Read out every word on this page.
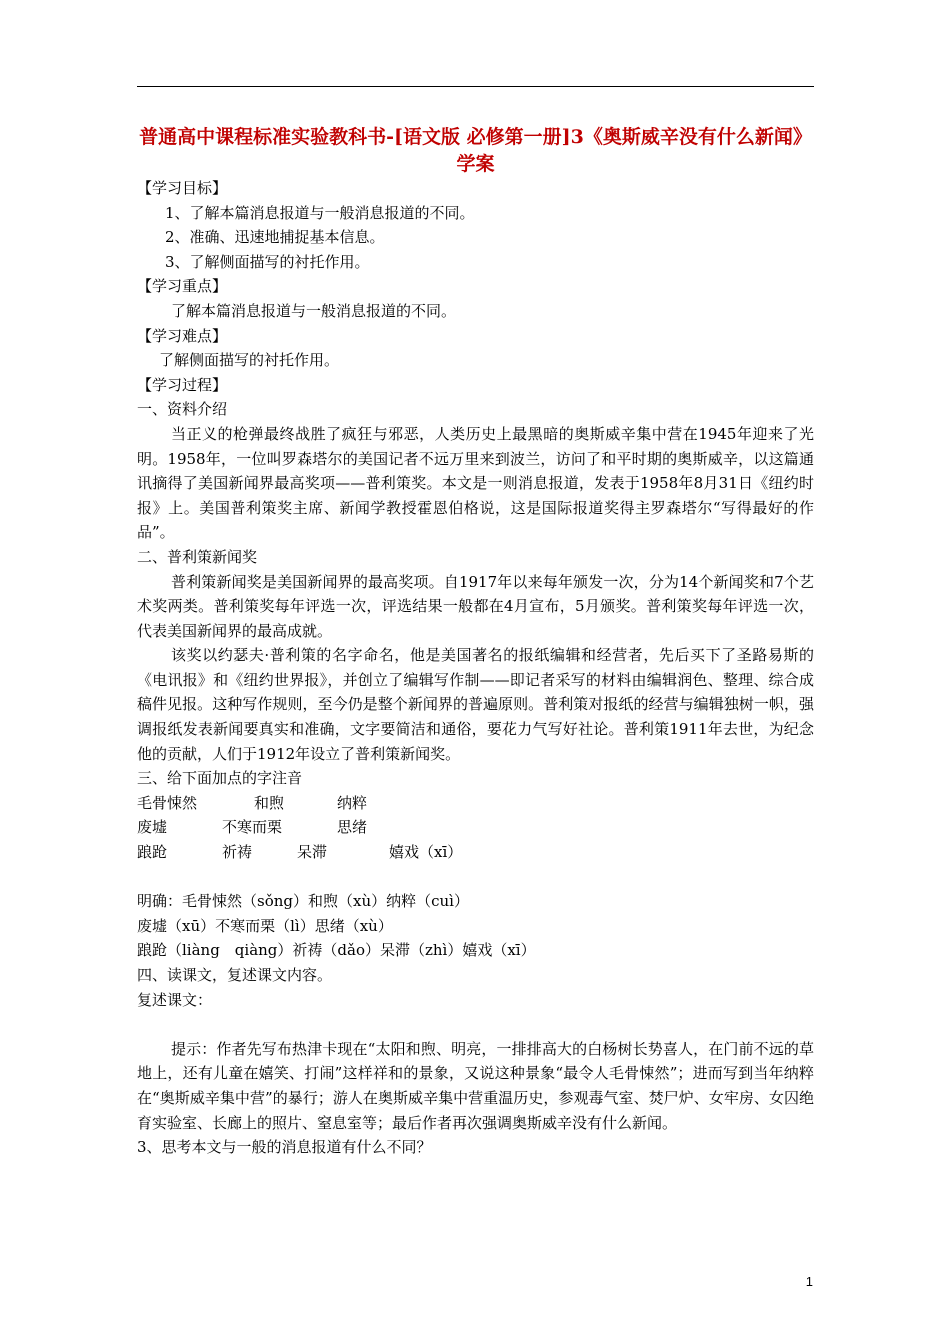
普通高中课程标准实验教科书-[语文版 必修第一册]3《奥斯威辛没有什么新闻》学案
【学习目标】
1、了解本篇消息报道与一般消息报道的不同。
2、准确、迅速地捕捉基本信息。
3、了解侧面描写的衬托作用。
【学习重点】
了解本篇消息报道与一般消息报道的不同。
【学习难点】
了解侧面描写的衬托作用。
【学习过程】
一、资料介绍

当正义的枪弹最终战胜了疯狂与邪恶，人类历史上最黑暗的奥斯威辛集中营在1945年迎来了光明。1958年，一位叫罗森塔尔的美国记者不远万里来到波兰，访问了和平时期的奥斯威辛，以这篇通讯摘得了美国新闻界最高奖项——普利策奖。本文是一则消息报道，发表于1958年8月31日《纽约时报》上。美国普利策奖主席、新闻学教授霍恩伯格说，这是国际报道奖得主罗森塔尔“写得最好的作品”。

二、普利策新闻奖

普利策新闻奖是美国新闻界的最高奖项。自1917年以来每年颁发一次，分为14个新闻奖和7个艺术奖两类。普利策奖每年评选一次，评选结果一般都在4月宣布，5月颁奖。普利策奖每年评选一次，代表美国新闻界的最高成就。

该奖以约瑟夫·普利策的名字命名，他是美国著名的报纸编辑和经营者，先后买下了圣路易斯的《电讯报》和《纽约世界报》，并创立了编辑写作制——即记者采写的材料由编辑润色、整理、综合成稿件见报。这种写作规则，至今仍是整个新闻界的普遍原则。普利策对报纸的经营与编辑独树一帜，强调报纸发表新闻要真实和准确，文字要简洁和通俗，要花力气写好社论。普利策1911年去世，为纪念他的贡献，人们于1912年设立了普利策新闻奖。

三、给下面加点的字注音
毛骨悚然	和煦	纳粹
废墟	不寒而栗	思绪
踉跄	祈祷	呆滞	嬉戏（xī）
明确：毛骨悚然（sǒng）和煦（xù）纳粹（cuì）
废墟（xū）不寒而栗（lì）思绪（xù）
踉跄（liàng　qiàng）祈祷（dǎo）呆滞（zhì）嬉戏（xī）
四、读课文，复述课文内容。
复述课文：

提示：作者先写布热津卡现在“太阳和煦、明亮，一排排高大的白杨树长势喜人，在门前不远的草地上，还有儿童在嬉笑、打闹”这样祥和的景象，又说这种景象“最令人毛骨悚然”；进而写到当年纳粹在“奥斯威辛集中营”的暴行；游人在奥斯威辛集中营重温历史，参观毒气室、焚尸炉、女牢房、女囚绝育实验室、长廊上的照片、窒息室等；最后作者再次强调奥斯威辛没有什么新闻。

3、思考本文与一般的消息报道有什么不同？
1
